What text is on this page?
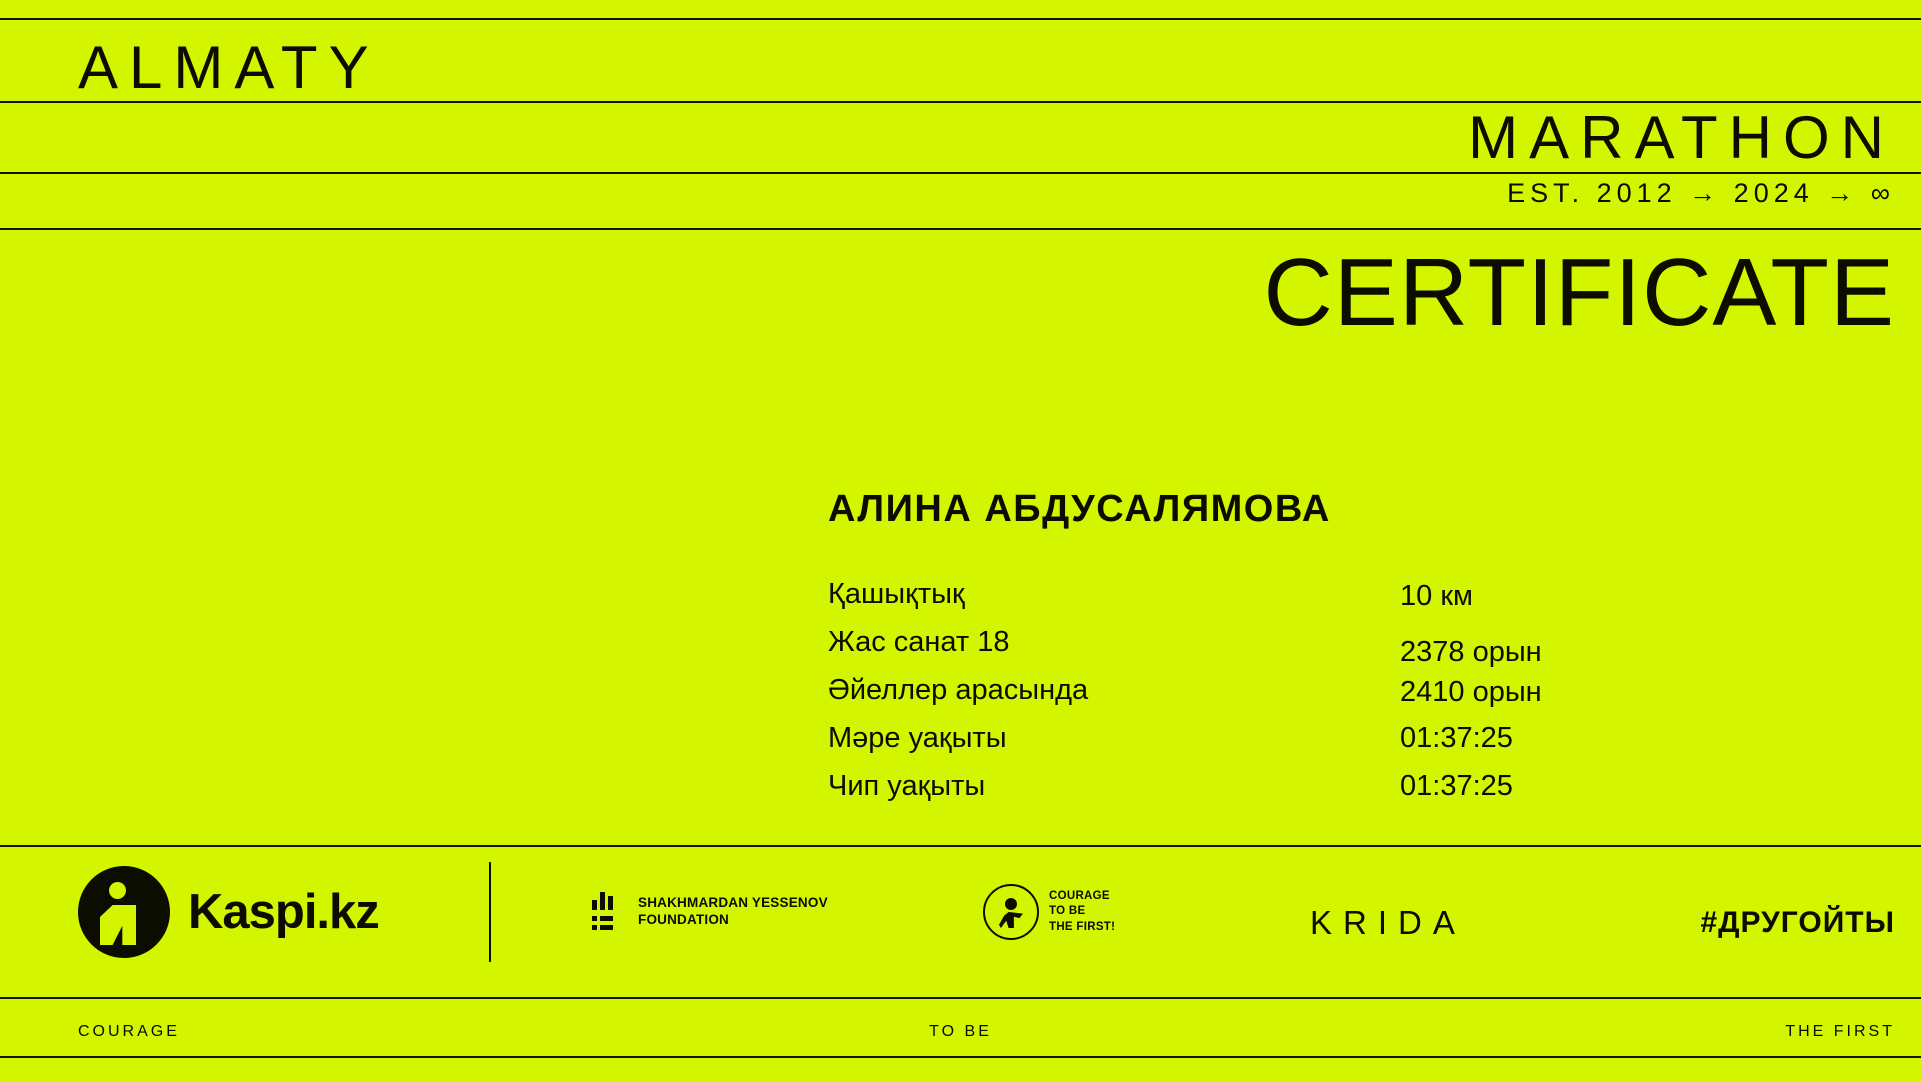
ALMATY
MARATHON
EST. 2012 → 2024 → ∞
CERTIFICATE
АЛИНА АБДУСАЛЯМОВА
Қашықтық	10 км
Жас санат 18	2378 орын
Әйеллер арасында	2410 орын
Мәре уақыты	01:37:25
Чип уақыты	01:37:25
Kaspi.kz	SHAKHMARDAN YESSENOV
FOUNDATION
COURAGE
TO BE
THE FIRST!	KRIDA	#ДРУГОЙТЫ
COURAGE	TO BE	THE FIRST
